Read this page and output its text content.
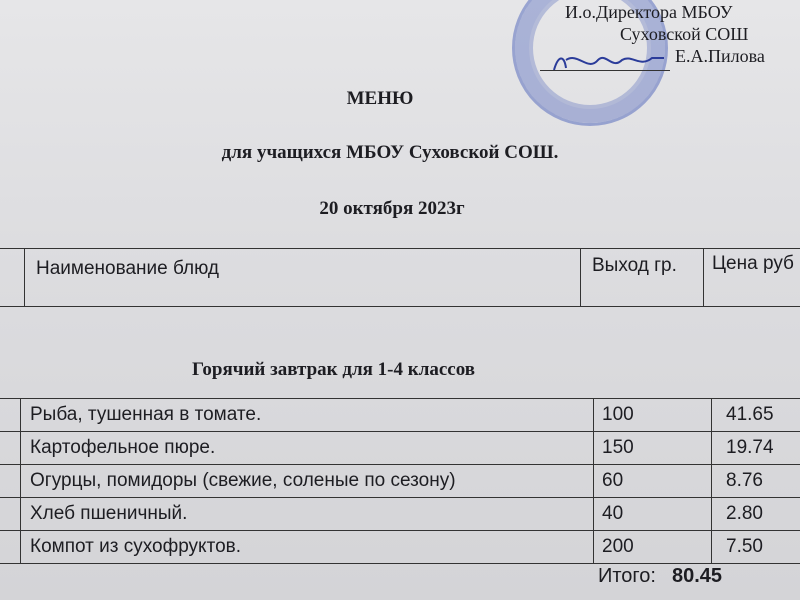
И.о.Директора МБОУ
Суховской СОШ
Е.А.Пилова
МЕНЮ
для учащихся МБОУ Суховской СОШ.
20 октября 2023г
Наименование блюд	Выход гр.	Цена руб
Горячий завтрак для 1-4 классов
Рыба, тушенная в томате.	100	41.65
Картофельное пюре.	150	19.74
Огурцы, помидоры (свежие, соленые по сезону)	60	8.76
Хлеб пшеничный.	40	2.80
Компот из сухофруктов.	200	7.50
Итого: 80.45
